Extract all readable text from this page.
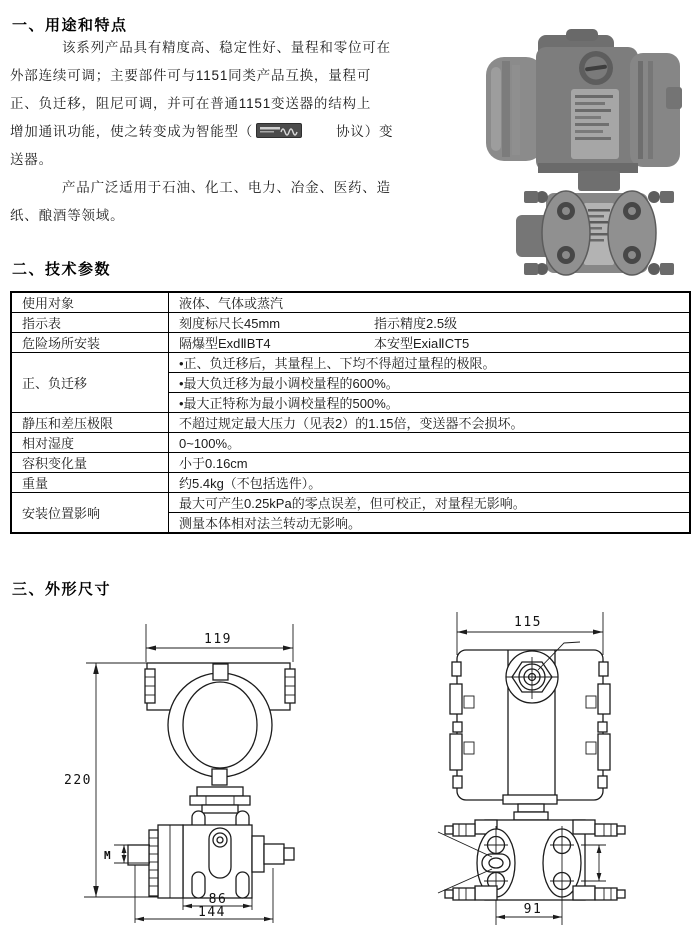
一、用途和特点
该系列产品具有精度高、稳定性好、量程和零位可在
外部连续可调；主要部件可与1151同类产品互换，量程可
正、负迁移，阻尼可调，并可在普通1151变送器的结构上
增加通讯功能，使之转变成为智能型（	协议）变
送器。
产品广泛适用于石油、化工、电力、冶金、医药、造
纸、酿酒等领域。
二、技术参数
使用对象	液体、气体或蒸汽
指示表	刻度标尺长45mm 指示精度2.5级
危险场所安装	隔爆型ExdⅡBT4 本安型ExiaⅡCT5
正、负迁移	•正、负迁移后，其量程上、下均不得超过量程的极限。
	•最大负迁移为最小调校量程的600%。
	•最大正特称为最小调校量程的500%。
静压和差压极限	不超过规定最大压力（见表2）的1.15倍，变送器不会损坏。
相对湿度	0~100%。
容积变化量	小于0.16cm
重量	约5.4kg（不包括选件）。
安装位置影响	最大可产生0.25kPa的零点误差，但可校正，对量程无影响。
	测量本体相对法兰转动无影响。
三、外形尺寸
119
220
M
86
144
115
91
